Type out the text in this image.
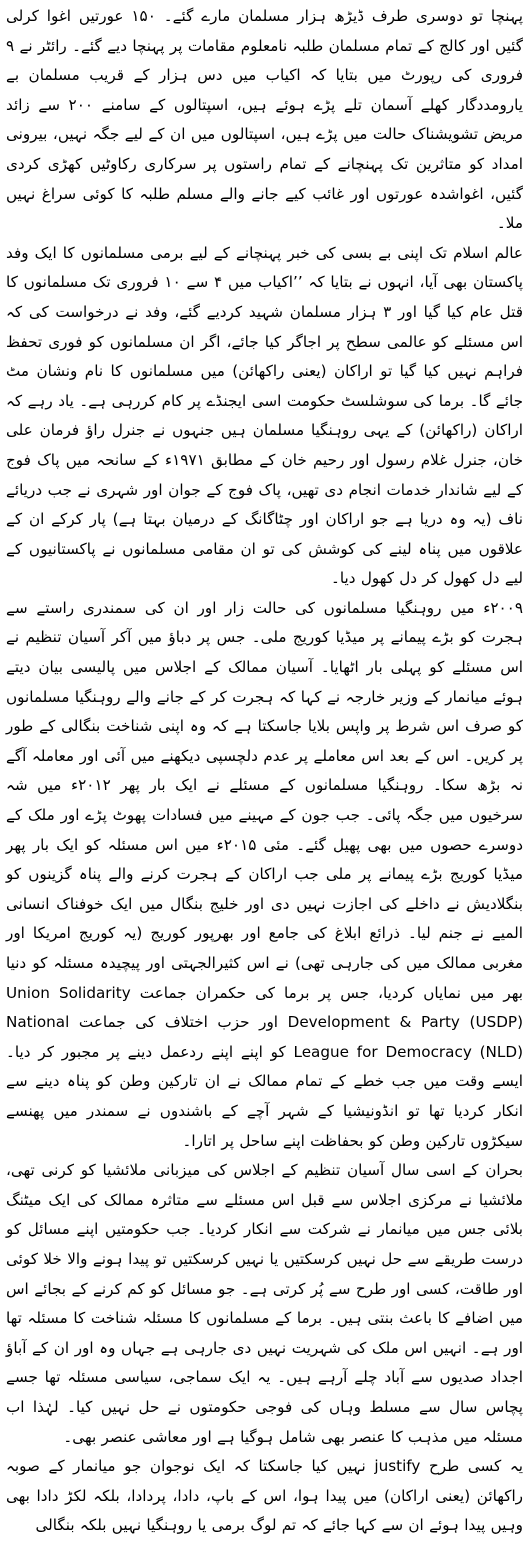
پہنچا تو دوسری طرف ڈیڑھ ہزار مسلمان مارے گئے۔ ۱۵۰ عورتیں اغوا کرلی گئیں اور کالج کے تمام مسلمان طلبہ نامعلوم مقامات پر پہنچا دیے گئے۔ رائٹر نے ۹ فروری کی رپورٹ میں بتایا کہ اکیاب میں دس ہزار کے قریب مسلمان بے یارومددگار کھلے آسمان تلے پڑے ہوئے ہیں، اسپتالوں کے سامنے ۲۰۰ سے زائد مریض تشویشناک حالت میں پڑے ہیں، اسپتالوں میں ان کے لیے جگہ نہیں، بیرونی امداد کو متاثرین تک پہنچانے کے تمام راستوں پر سرکاری رکاوٹیں کھڑی کردی گئیں، اغواشدہ عورتوں اور غائب کیے جانے والے مسلم طلبہ کا کوئی سراغ نہیں ملا۔

عالم اسلام تک اپنی بے بسی کی خبر پہنچانے کے لیے برمی مسلمانوں کا ایک وفد پاکستان بھی آیا، انہوں نے بتایا کہ ’’اکیاب میں ۴ سے ۱۰ فروری تک مسلمانوں کا قتل عام کیا گیا اور ۳ ہزار مسلمان شہید کردیے گئے، وفد نے درخواست کی کہ اس مسئلے کو عالمی سطح پر اجاگر کیا جائے، اگر ان مسلمانوں کو فوری تحفظ فراہم نہیں کیا گیا تو اراکان (یعنی راکھائن) میں مسلمانوں کا نام ونشان مٹ جائے گا۔ برما کی سوشلسٹ حکومت اسی ایجنڈے پر کام کررہی ہے۔ یاد رہے کہ اراکان (راکھائن) کے یہی روہنگیا مسلمان ہیں جنہوں نے جنرل راؤ فرمان علی خان، جنرل غلام رسول اور رحیم خان کے مطابق ۱۹۷۱ء کے سانحہ میں پاک فوج کے لیے شاندار خدمات انجام دی تھیں، پاک فوج کے جوان اور شہری نے جب دریائے ناف (یہ وہ دریا ہے جو اراکان اور چٹاگانگ کے درمیان بہتا ہے) پار کرکے ان کے علاقوں میں پناہ لینے کی کوشش کی تو ان مقامی مسلمانوں نے پاکستانیوں کے لیے دل کھول کر دل کھول دیا۔

۲۰۰۹ء میں روہنگیا مسلمانوں کی حالت زار اور ان کی سمندری راستے سے ہجرت کو بڑے پیمانے پر میڈیا کوریج ملی۔ جس پر دباؤ میں آکر آسیان تنظیم نے اس مسئلے کو پہلی بار اٹھایا۔ آسیان ممالک کے اجلاس میں پالیسی بیان دیتے ہوئے میانمار کے وزیر خارجہ نے کہا کہ ہجرت کر کے جانے والے روہنگیا مسلمانوں کو صرف اس شرط پر واپس بلایا جاسکتا ہے کہ وہ اپنی شناخت بنگالی کے طور پر کریں۔ اس کے بعد اس معاملے پر عدم دلچسپی دیکھنے میں آئی اور معاملہ آگے نہ بڑھ سکا۔ روہنگیا مسلمانوں کے مسئلے نے ایک بار پھر ۲۰۱۲ء میں شہ سرخیوں میں جگہ پائی۔ جب جون کے مہینے میں فسادات پھوٹ پڑے اور ملک کے دوسرے حصوں میں بھی پھیل گئے۔ مئی ۲۰۱۵ء میں اس مسئلہ کو ایک بار پھر میڈیا کوریج بڑے پیمانے پر ملی جب اراکان کے ہجرت کرنے والے پناہ گزینوں کو بنگلادیش نے داخلے کی اجازت نہیں دی اور خلیج بنگال میں ایک خوفناک انسانی المیے نے جنم لیا۔ ذرائع ابلاغ کی جامع اور بھرپور کوریج (یہ کوریج امریکا اور مغربی ممالک میں کی جارہی تھی) نے اس کثیرالجہتی اور پیچیدہ مسئلہ کو دنیا بھر میں نمایاں کردیا، جس پر برما کی حکمران جماعت Union Solidarity Development & Party (USDP) اور حزب اختلاف کی جماعت National League for Democracy (NLD) کو اپنے اپنے ردعمل دینے پر مجبور کر دیا۔ ایسے وقت میں جب خطے کے تمام ممالک نے ان تارکین وطن کو پناہ دینے سے انکار کردیا تھا تو انڈونیشیا کے شہر آچے کے باشندوں نے سمندر میں پھنسے سیکڑوں تارکین وطن کو بحفاظت اپنے ساحل پر اتارا۔

بحران کے اسی سال آسیان تنظیم کے اجلاس کی میزبانی ملائشیا کو کرنی تھی، ملائشیا نے مرکزی اجلاس سے قبل اس مسئلے سے متاثرہ ممالک کی ایک میٹنگ بلائی جس میں میانمار نے شرکت سے انکار کردیا۔ جب حکومتیں اپنے مسائل کو درست طریقے سے حل نہیں کرسکتیں یا نہیں کرسکتیں تو پیدا ہونے والا خلا کوئی اور طاقت، کسی اور طرح سے پُر کرتی ہے۔ جو مسائل کو کم کرنے کے بجائے اس میں اضافے کا باعث بنتی ہیں۔ برما کے مسلمانوں کا مسئلہ شناخت کا مسئلہ تھا اور ہے۔ انہیں اس ملک کی شہریت نہیں دی جارہی ہے جہاں وہ اور ان کے آباؤ اجداد صدیوں سے آباد چلے آرہے ہیں۔ یہ ایک سماجی، سیاسی مسئلہ تھا جسے پچاس سال سے مسلط وہاں کی فوجی حکومتوں نے حل نہیں کیا۔ لہٰذا اب مسئلہ میں مذہب کا عنصر بھی شامل ہوگیا ہے اور معاشی عنصر بھی۔

یہ کسی طرح justify نہیں کیا جاسکتا کہ ایک نوجوان جو میانمار کے صوبہ راکھائن (یعنی اراکان) میں پیدا ہوا، اس کے باپ، دادا، پردادا، بلکہ لکڑ دادا بھی وہیں پیدا ہوئے ان سے کہا جائے کہ تم لوگ برمی یا روہنگیا نہیں بلکہ بنگالی
